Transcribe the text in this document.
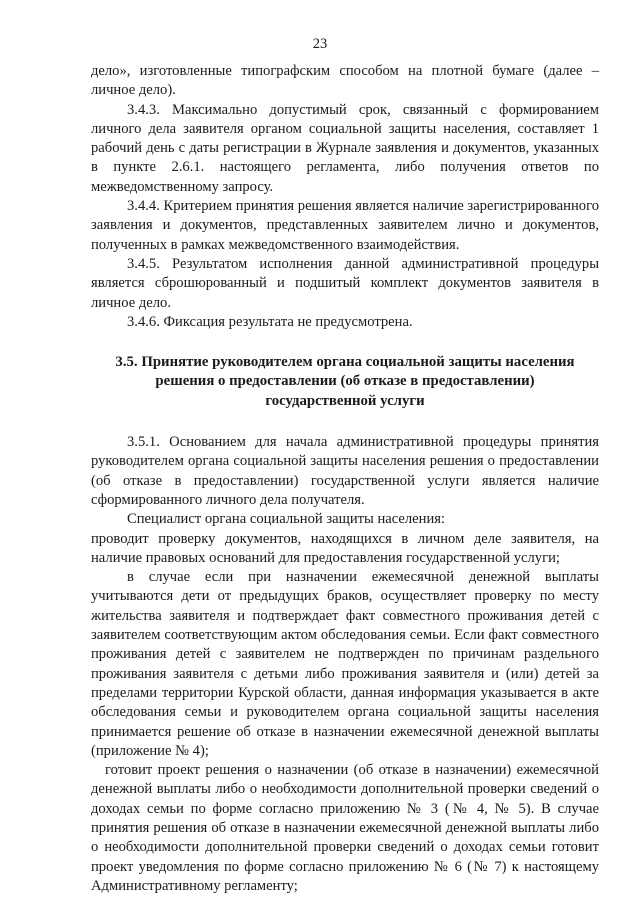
23

дело», изготовленные типографским способом на плотной бумаге (далее – личное дело).

3.4.3. Максимально допустимый срок, связанный с формированием личного дела заявителя органом социальной защиты населения, составляет 1 рабочий день с даты регистрации в Журнале заявления и документов, указанных в пункте 2.6.1. настоящего регламента, либо получения ответов по межведомственному запросу.

3.4.4. Критерием принятия решения является наличие зарегистрированного заявления и документов, представленных заявителем лично и документов, полученных в рамках межведомственного взаимодействия.

3.4.5. Результатом исполнения данной административной процедуры является сброшюрованный и подшитый комплект документов заявителя в личное дело.

3.4.6. Фиксация результата не предусмотрена.

3.5. Принятие руководителем органа социальной защиты населения

решения о предоставлении (об отказе в предоставлении)

государственной услуги

3.5.1. Основанием для начала административной процедуры принятия руководителем органа социальной защиты населения решения о предоставлении (об отказе в предоставлении) государственной услуги является наличие сформированного личного дела получателя.

Специалист органа социальной защиты населения:

проводит проверку документов, находящихся в личном деле заявителя, на наличие правовых оснований для предоставления государственной услуги;

в случае если при назначении ежемесячной денежной выплаты учитываются дети от предыдущих браков, осуществляет проверку по месту жительства заявителя и подтверждает факт совместного проживания детей с заявителем соответствующим актом обследования семьи. Если факт совместного проживания детей с заявителем не подтвержден по причинам раздельного проживания заявителя с детьми либо проживания заявителя и (или) детей за пределами территории Курской области, данная информация указывается в акте обследования семьи и руководителем органа социальной защиты населения принимается решение об отказе в назначении ежемесячной денежной выплаты (приложение № 4);

готовит проект решения о назначении (об отказе в назначении) ежемесячной денежной выплаты либо о необходимости дополнительной проверки сведений о доходах семьи по форме согласно приложению № 3 (№ 4, № 5). В случае принятия решения об отказе в назначении ежемесячной денежной выплаты либо о необходимости дополнительной проверки сведений о доходах семьи готовит проект уведомления по форме согласно приложению № 6 (№ 7) к настоящему Административному регламенту;
